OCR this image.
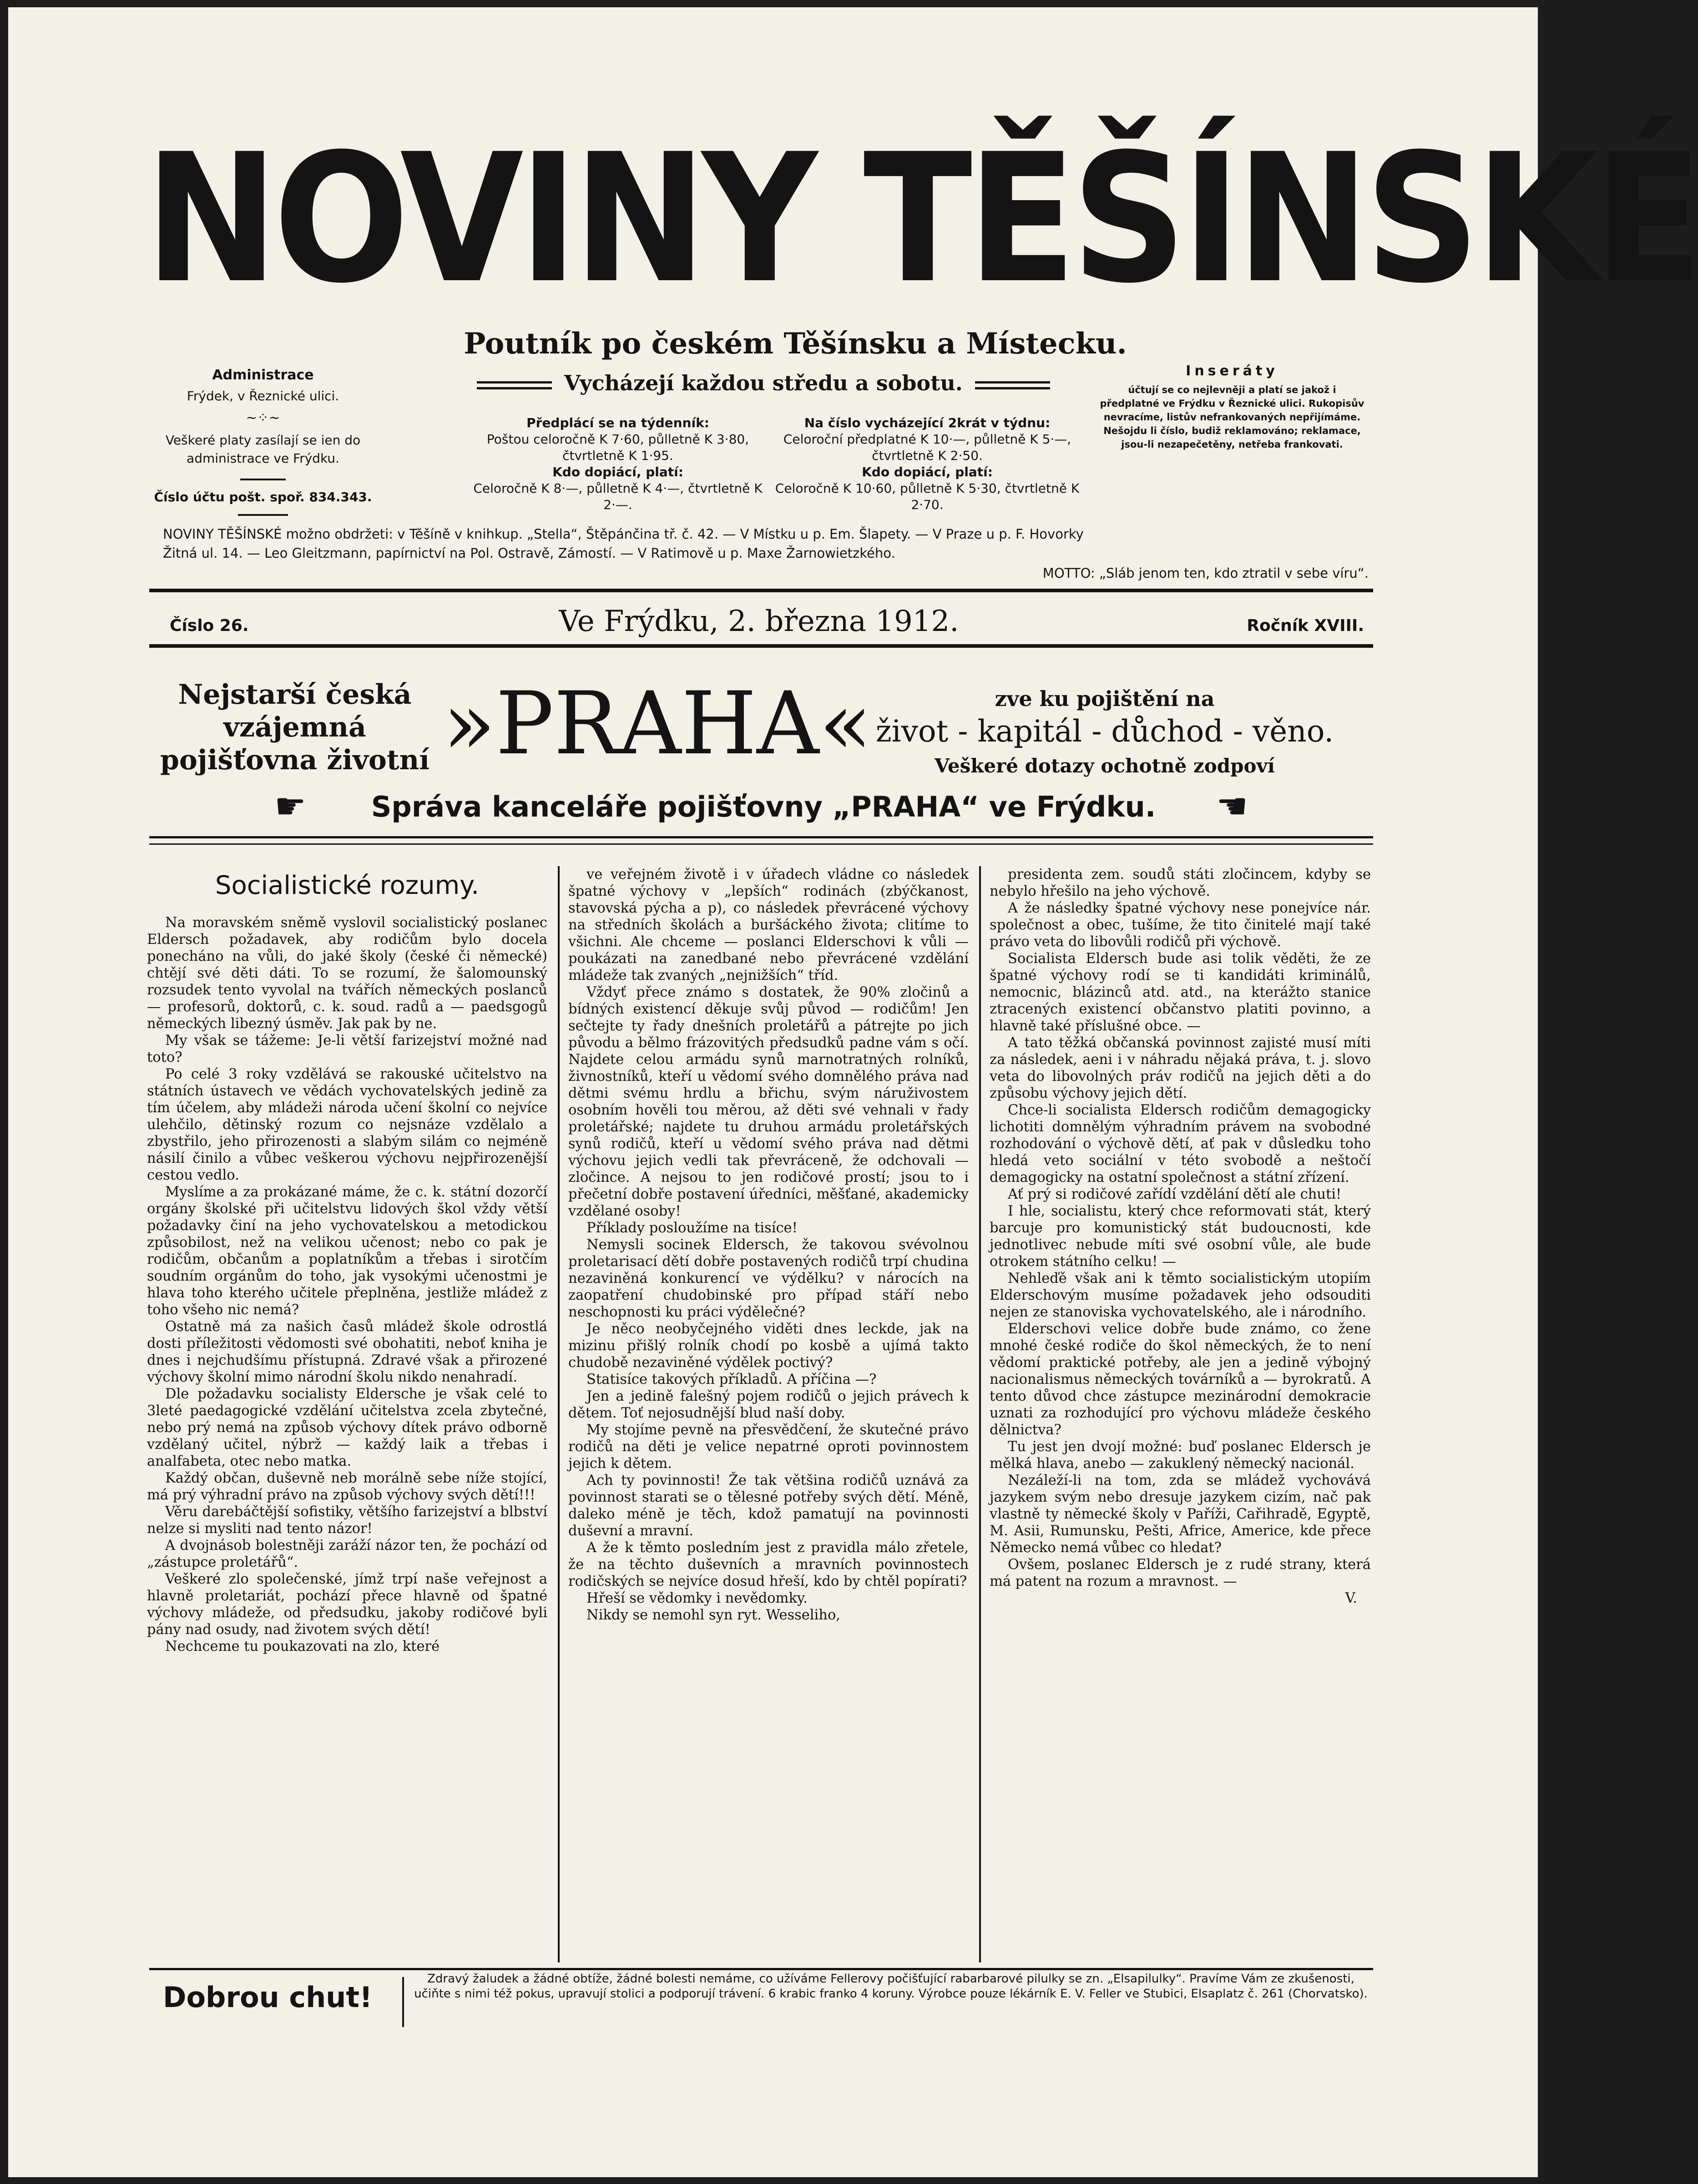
NOVINY TĚŠÍNSKÉ
Poutník po českém Těšínsku a Místecku.
Vycházejí každou středu a sobotu.
Administrace
Frýdek, v Řeznické ulici.
~⁘~
Veškeré platy zasílají se ien do administrace ve Frýdku.
Číslo účtu pošt. spoř. 834.343.
Předplácí se na týdenník:
Poštou celoročně K 7·60, půlletně K 3·80, čtvrtletně K 1·95.
Kdo dopiácí, platí:
Celoročně K 8·—, půlletně K 4·—, čtvrtletně K 2·—.
Na číslo vycházející 2krát v týdnu:
Celoroční předplatné K 10·—, půlletně K 5·—, čtvrtletně K 2·50.
Kdo dopiácí, platí:
Celoročně K 10·60, půlletně K 5·30, čtvrtletně K 2·70.
Inseráty
účtují se co nejlevněji a platí se jakož i předplatné ve Frýdku v Řeznické ulici. Rukopisův nevracíme, listův nefrankovaných nepřijímáme. Nešojdu li číslo, budiž reklamováno; reklamace, jsou-li nezapečetěny, netřeba frankovati.
NOVINY TĚŠÍNSKÉ možno obdržeti: v Těšíně v knihkup. „Stella“, Štěpánčina tř. č. 42. — V Místku u p. Em. Šlapety. — V Praze u p. F. Hovorky
Žitná ul. 14. — Leo Gleitzmann, papírnictví na Pol. Ostravě, Zámostí. — V Ratimově u p. Maxe Žarnowietzkého.
MOTTO: „Sláb jenom ten, kdo ztratil v sebe víru“.
Číslo 26.	Ve Frýdku, 2. března 1912.	Ročník XVIII.
Nejstarší česká vzájemná pojišťovna životní »PRAHA«	zve ku pojištění na
život - kapitál - důchod - věno.
Veškeré dotazy ochotně zodpoví
☛	Správa kanceláře pojišťovny „PRAHA“ ve Frýdku.	☚
Socialistické rozumy.

Na moravském sněmě vyslovil socialistický poslanec Eldersch požadavek, aby rodičům bylo docela ponecháno na vůli, do jaké školy (české či německé) chtějí své děti dáti. To se rozumí, že šalomounský rozsudek tento vyvolal na tvářích německých poslanců — profesorů, doktorů, c. k. soud. radů a — paedsgogů německých libezný úsměv. Jak pak by ne.

My však se tážeme: Je-li větší farizejství možné nad toto?

Po celé 3 roky vzdělává se rakouské učitelstvo na státních ústavech ve vědách vychovatelských jedině za tím účelem, aby mládeži národa učení školní co nejvíce ulehčilo, dětinský rozum co nejsnáze vzdělalo a zbystřilo, jeho přirozenosti a slabým silám co nejméně násilí činilo a vůbec veškerou výchovu nejpřirozenější cestou vedlo.

Myslíme a za prokázané máme, že c. k. státní dozorčí orgány školské při učitelstvu lidových škol vždy větší požadavky činí na jeho vychovatelskou a metodickou způsobilost, než na velikou učenost; nebo co pak je rodičům, občanům a poplatníkům a třebas i sirotčím soudním orgánům do toho, jak vysokými učenostmi je hlava toho kterého učitele přeplněna, jestliže mládež z toho všeho nic nemá?

Ostatně má za našich časů mládež škole odrostlá dosti příležitosti vědomosti své obohatiti, neboť kniha je dnes i nejchudšímu přístupná. Zdravé však a přirozené výchovy školní mimo národní školu nikdo nenahradí.

Dle požadavku socialisty Eldersche je však celé to 3leté paedagogické vzdělání učitelstva zcela zbytečné, nebo prý nemá na způsob výchovy dítek právo odborně vzdělaný učitel, nýbrž — každý laik a třebas i analfabeta, otec nebo matka.

Každý občan, duševně neb morálně sebe níže stojící, má prý výhradní právo na způsob výchovy svých dětí!!!

Věru darebáčtější sofistiky, většího farizejství a blbství nelze si mysliti nad tento názor!

A dvojnásob bolestněji zaráží názor ten, že pochází od „zástupce proletářů“.

Veškeré zlo společenské, jímž trpí naše veřejnost a hlavně proletariát, pochází přece hlavně od špatné výchovy mládeže, od předsudku, jakoby rodičové byli pány nad osudy, nad životem svých dětí!

Nechceme tu poukazovati na zlo, které

ve veřejném životě i v úřadech vládne co následek špatné výchovy v „lepších“ rodinách (zbýčkanost, stavovská pýcha a p), co následek převrácené výchovy na středních školách a buršáckého života; clitíme to všichni. Ale chceme — poslanci Elderschovi k vůli — poukázati na zanedbané nebo převrácené vzdělání mládeže tak zvaných „nejnižších“ tříd.

Vždyť přece známo s dostatek, že 90% zločinů a bídných existencí děkuje svůj původ — rodičům! Jen sečtejte ty řady dnešních proletářů a pátrejte po jich původu a bělmo frázovitých předsudků padne vám s očí. Najdete celou armádu synů marnotratných rolníků, živnostníků, kteří u vědomí svého domnělého práva nad dětmi svému hrdlu a břichu, svým náruživostem osobním hověli tou měrou, až děti své vehnali v řady proletářské; najdete tu druhou armádu proletářských synů rodičů, kteří u vědomí svého práva nad dětmi výchovu jejich vedli tak převráceně, že odchovali — zločince. A nejsou to jen rodičové prostí; jsou to i přečetní dobře postavení úředníci, měšťané, akademicky vzdělané osoby!

Příklady posloužíme na tisíce!

Nemysli socinek Eldersch, že takovou svévolnou proletarisací dětí dobře postavených rodičů trpí chudina nezaviněná konkurencí ve výdělku? v nárocích na zaopatření chudobinské pro případ stáří nebo neschopnosti ku práci výdělečné?

Je něco neobyčejného viděti dnes leckde, jak na mizinu přišlý rolník chodí po kosbě a ujímá takto chudobě nezaviněné výdělek poctivý?

Statisíce takových příkladů. A příčina —?

Jen a jedině falešný pojem rodičů o jejich právech k dětem. Toť nejosudnější blud naší doby.

My stojíme pevně na přesvědčení, že skutečné právo rodičů na děti je velice nepatrné oproti povinnostem jejich k dětem.

Ach ty povinnosti! Že tak většina rodičů uznává za povinnost starati se o tělesné potřeby svých dětí. Méně, daleko méně je těch, kdož pamatují na povinnosti duševní a mravní.

A že k těmto posledním jest z pravidla málo zřetele, že na těchto duševních a mravních povinnostech rodičských se nejvíce dosud hřeší, kdo by chtěl popírati?

Hřeší se vědomky i nevědomky.

Nikdy se nemohl syn ryt. Wesseliho,

presidenta zem. soudů státi zločincem, kdyby se nebylo hřešilo na jeho výchově.

A že následky špatné výchovy nese ponejvíce nár. společnost a obec, tušíme, že tito činitelé mají také právo veta do libovůli rodičů při výchově.

Socialista Eldersch bude asi tolik věděti, že ze špatné výchovy rodí se ti kandidáti kriminálů, nemocnic, blázinců atd. atd., na kterážto stanice ztracených existencí občanstvo platiti povinno, a hlavně také příslušné obce. —

A tato těžká občanská povinnost zajisté musí míti za následek, aeni i v náhradu nějaká práva, t. j. slovo veta do libovolných práv rodičů na jejich děti a do způsobu výchovy jejich dětí.

Chce-li socialista Eldersch rodičům demagogicky lichotiti domnělým výhradním právem na svobodné rozhodování o výchově dětí, ať pak v důsledku toho hledá veto sociální v této svobodě a neštočí demagogicky na ostatní společnost a státní zřízení.

Ať prý si rodičové zařídí vzdělání dětí ale chuti!

I hle, socialistu, který chce reformovati stát, který barcuje pro komunistický stát budoucnosti, kde jednotlivec nebude míti své osobní vůle, ale bude otrokem státního celku! —

Nehleďě však ani k těmto socialistickým utopiím Elderschovým musíme požadavek jeho odsouditi nejen ze stanoviska vychovatelského, ale i národního.

Elderschovi velice dobře bude známo, co žene mnohé české rodiče do škol německých, že to není vědomí praktické potřeby, ale jen a jedině výbojný nacionalismus německých továrníků a — byrokratů. A tento důvod chce zástupce mezinárodní demokracie uznati za rozhodující pro výchovu mládeže českého dělnictva?

Tu jest jen dvojí možné: buď poslanec Eldersch je mělká hlava, anebo — zakuklený německý nacionál.

Nezáleží-li na tom, zda se mládež vychovává jazykem svým nebo dresuje jazykem cizím, nač pak vlastně ty německé školy v Paříži, Cařihradě, Egyptě, M. Asii, Rumunsku, Pešti, Africe, Americe, kde přece Německo nemá vůbec co hledat?

Ovšem, poslanec Eldersch je z rudé strany, která má patent na rozum a mravnost. —

V.
Dobrou chut!
Zdravý žaludek a žádné obtíže, žádné bolesti nemáme, co užíváme Fellerovy počišťující rabarbarové pilulky se zn. „Elsapilulky“. Pravíme Vám ze zkušenosti, učiňte s nimi též pokus, upravují stolici a podporují trávení. 6 krabic franko 4 koruny. Výrobce pouze lékárník E. V. Feller ve Stubici, Elsaplatz č. 261 (Chorvatsko).
